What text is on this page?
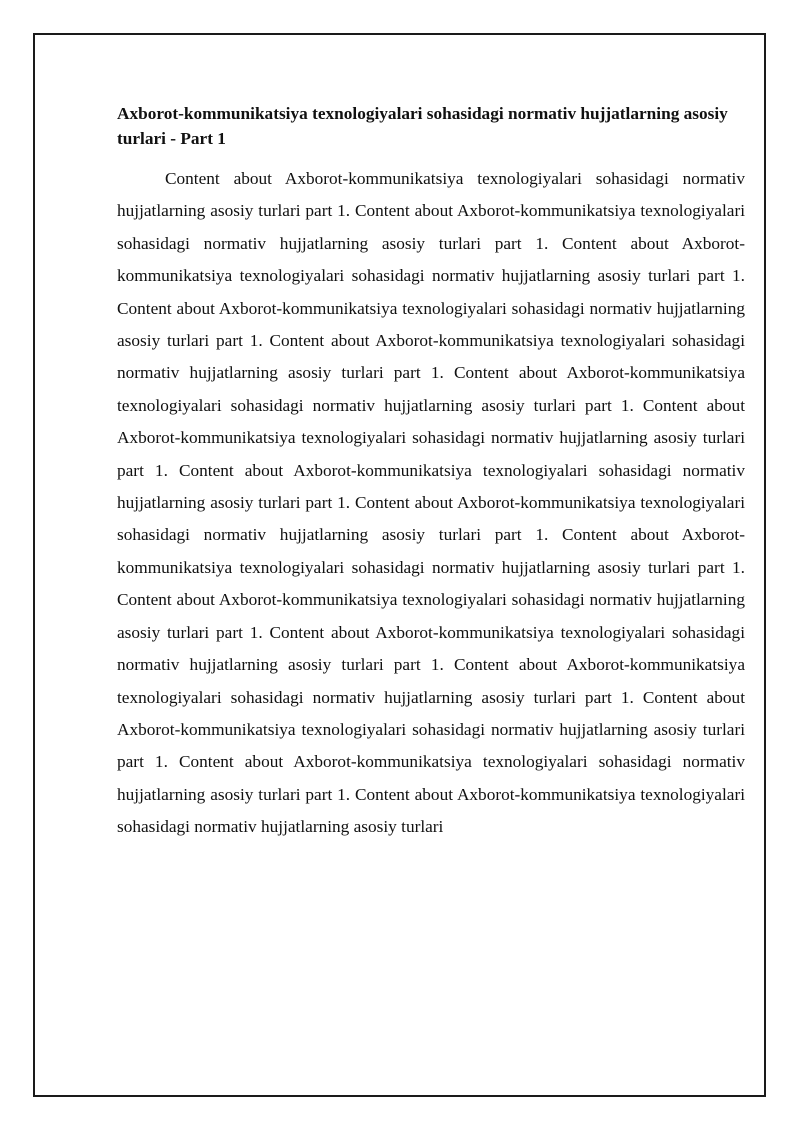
Axborot-kommunikatsiya texnologiyalari sohasidagi normativ hujjatlarning asosiy turlari - Part 1

Content about Axborot-kommunikatsiya texnologiyalari sohasidagi normativ hujjatlarning asosiy turlari part 1. Content about Axborot-kommunikatsiya texnologiyalari sohasidagi normativ hujjatlarning asosiy turlari part 1. Content about Axborot-kommunikatsiya texnologiyalari sohasidagi normativ hujjatlarning asosiy turlari part 1. Content about Axborot-kommunikatsiya texnologiyalari sohasidagi normativ hujjatlarning asosiy turlari part 1. Content about Axborot-kommunikatsiya texnologiyalari sohasidagi normativ hujjatlarning asosiy turlari part 1. Content about Axborot-kommunikatsiya texnologiyalari sohasidagi normativ hujjatlarning asosiy turlari part 1. Content about Axborot-kommunikatsiya texnologiyalari sohasidagi normativ hujjatlarning asosiy turlari part 1. Content about Axborot-kommunikatsiya texnologiyalari sohasidagi normativ hujjatlarning asosiy turlari part 1. Content about Axborot-kommunikatsiya texnologiyalari sohasidagi normativ hujjatlarning asosiy turlari part 1. Content about Axborot-kommunikatsiya texnologiyalari sohasidagi normativ hujjatlarning asosiy turlari part 1. Content about Axborot-kommunikatsiya texnologiyalari sohasidagi normativ hujjatlarning asosiy turlari part 1. Content about Axborot-kommunikatsiya texnologiyalari sohasidagi normativ hujjatlarning asosiy turlari part 1. Content about Axborot-kommunikatsiya texnologiyalari sohasidagi normativ hujjatlarning asosiy turlari part 1. Content about Axborot-kommunikatsiya texnologiyalari sohasidagi normativ hujjatlarning asosiy turlari part 1. Content about Axborot-kommunikatsiya texnologiyalari sohasidagi normativ hujjatlarning asosiy turlari part 1. Content about Axborot-kommunikatsiya texnologiyalari sohasidagi normativ hujjatlarning asosiy turlari
